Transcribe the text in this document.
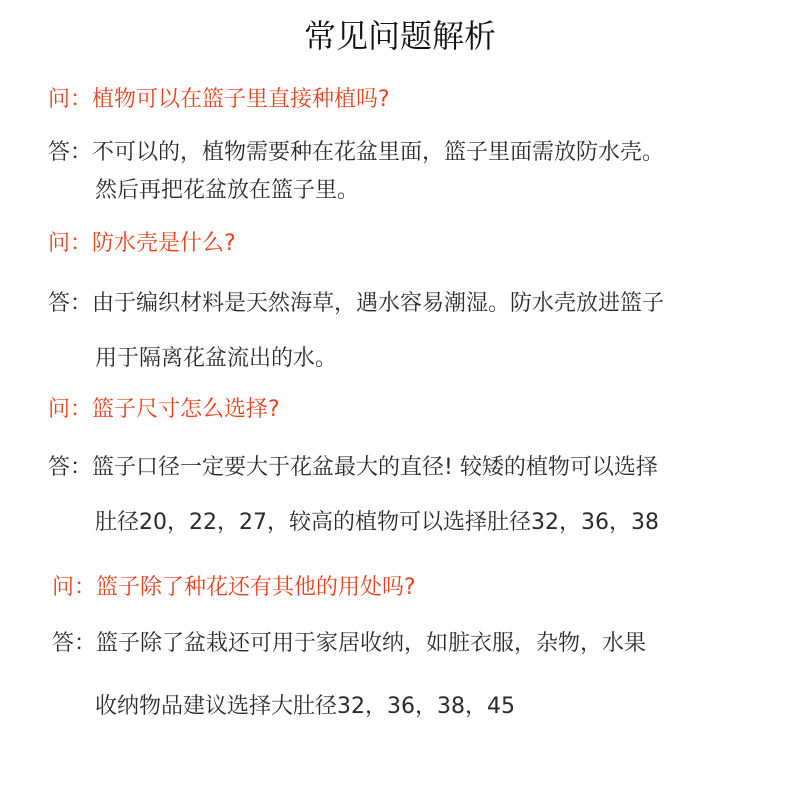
常见问题解析
问：植物可以在篮子里直接种植吗?
答：不可以的，植物需要种在花盆里面，篮子里面需放防水壳。
然后再把花盆放在篮子里。
问：防水壳是什么?
答：由于编织材料是天然海草，遇水容易潮湿。防水壳放进篮子
用于隔离花盆流出的水。
问：篮子尺寸怎么选择?
答：篮子口径一定要大于花盆最大的直径! 较矮的植物可以选择
肚径20，22，27，较高的植物可以选择肚径32，36，38
问：篮子除了种花还有其他的用处吗?
答：篮子除了盆栽还可用于家居收纳，如脏衣服，杂物，水果
收纳物品建议选择大肚径32，36，38，45
